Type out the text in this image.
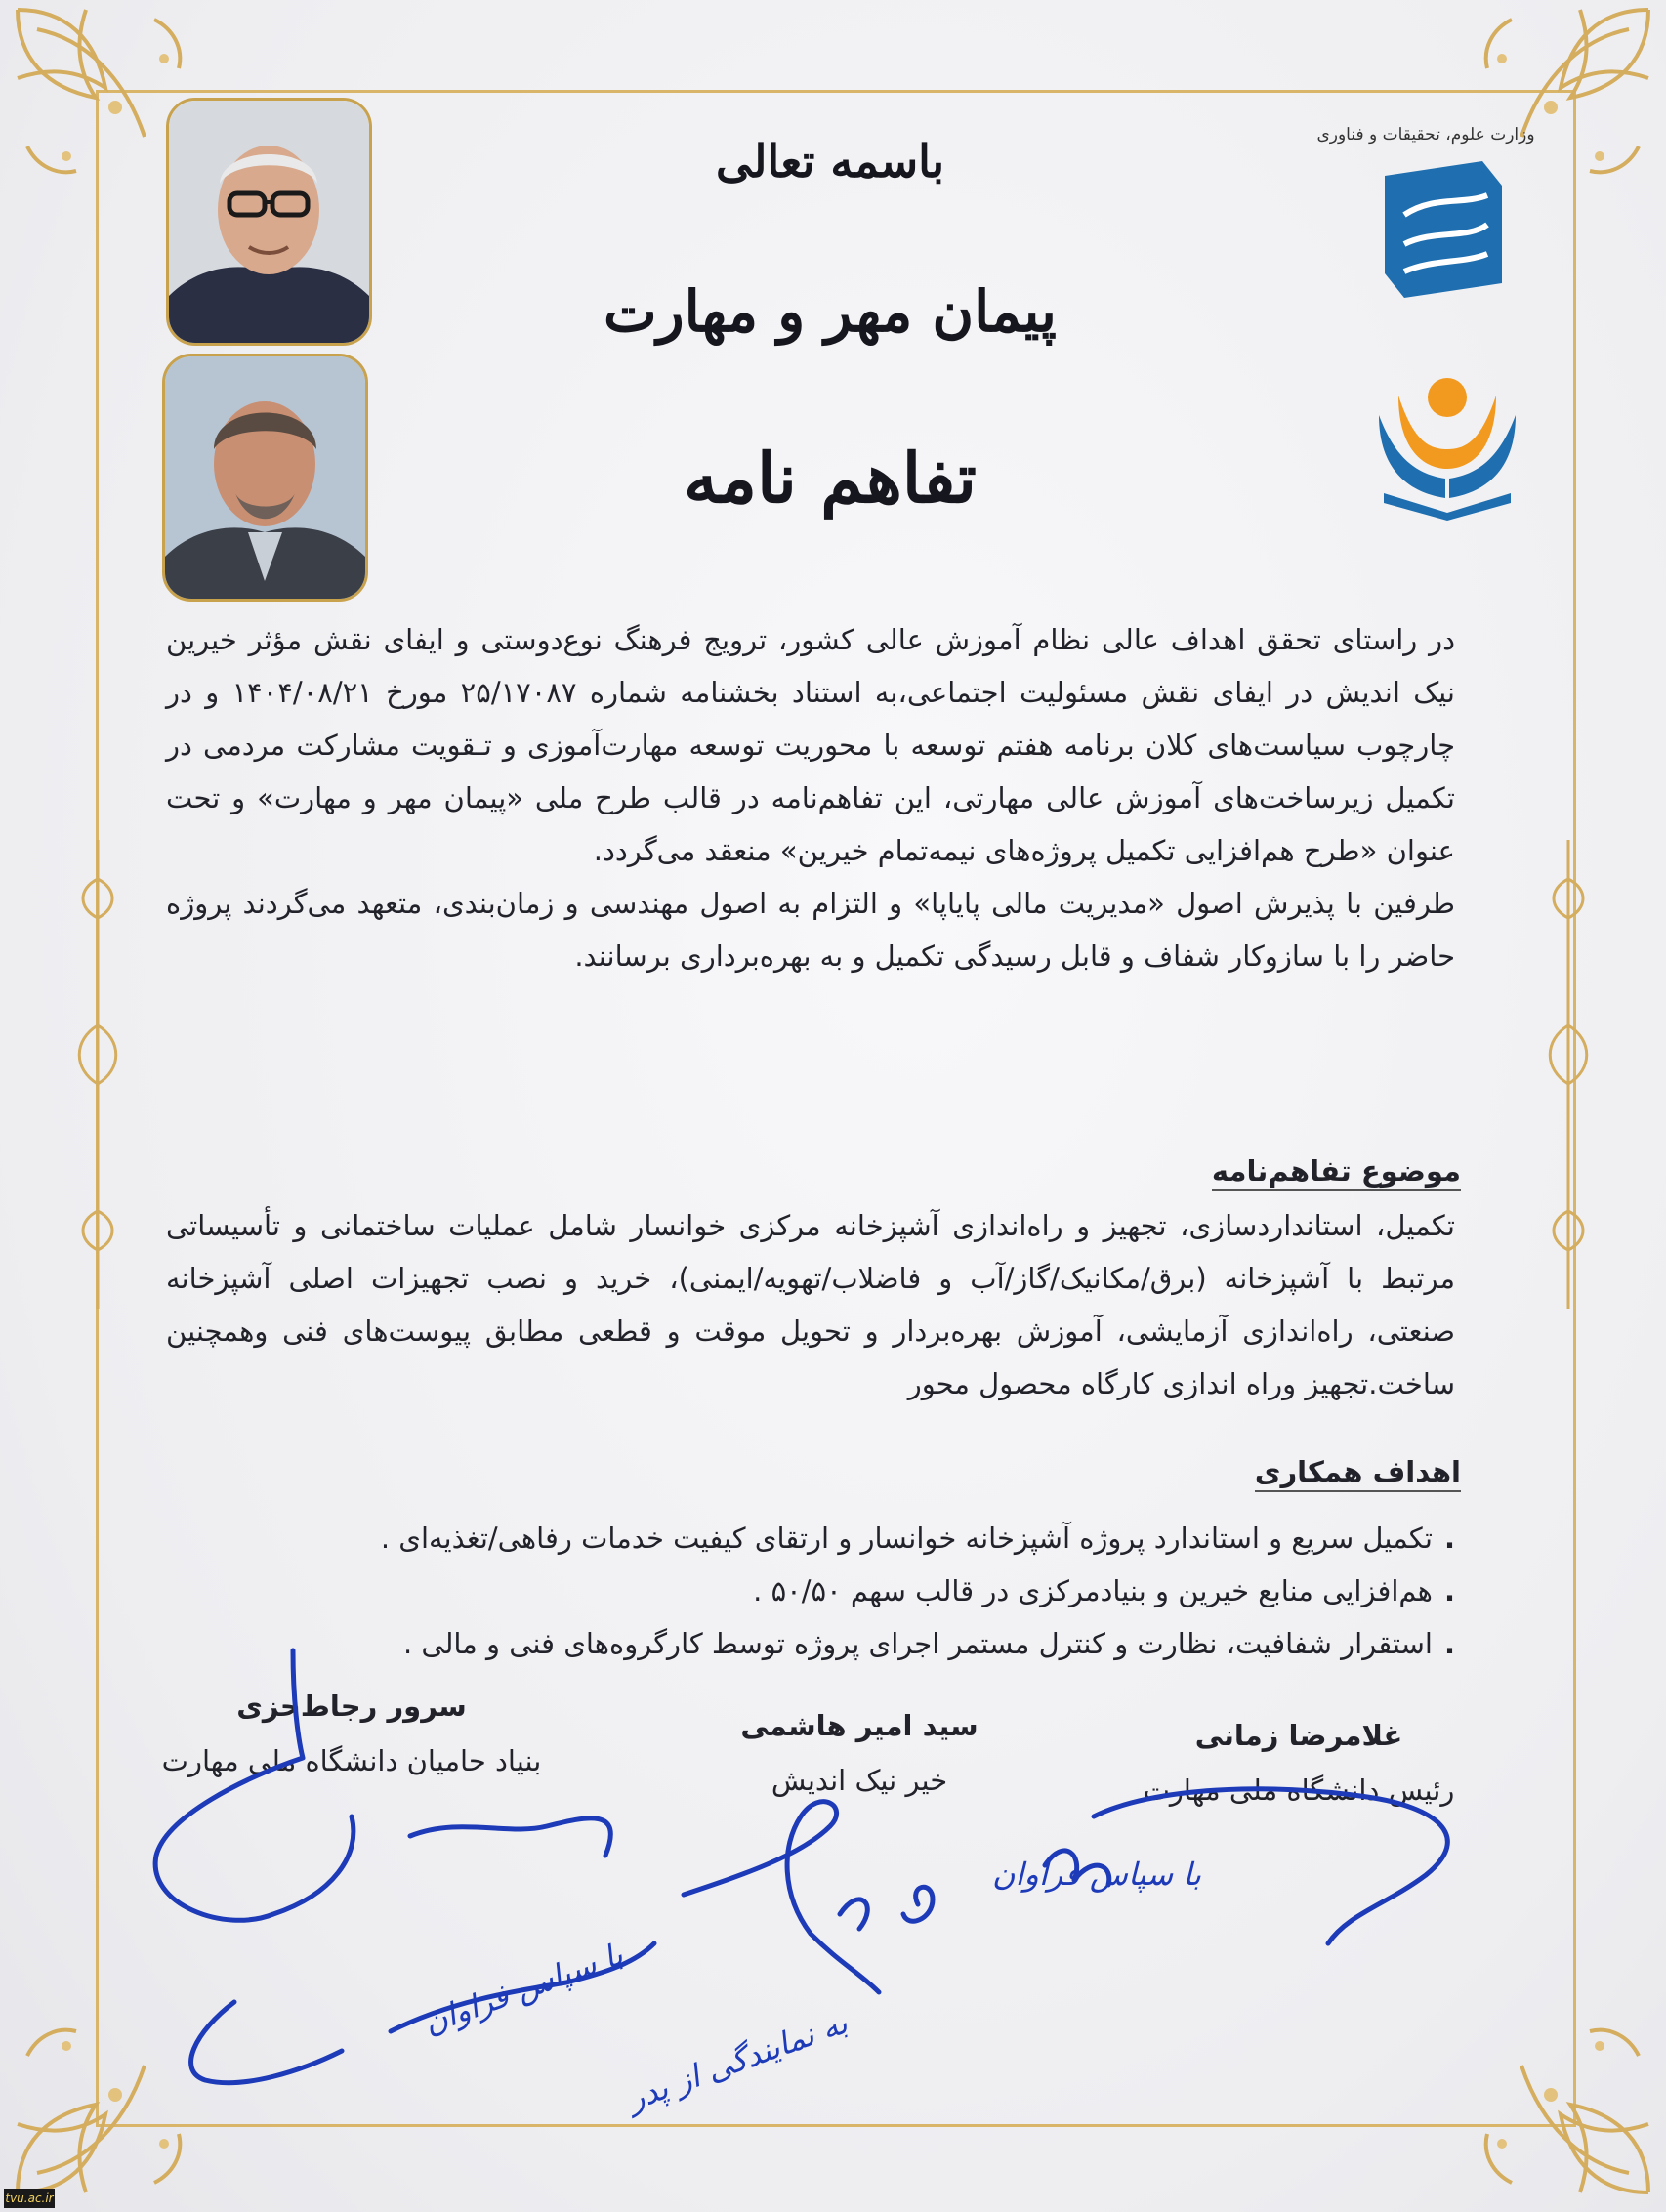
وزارت علوم، تحقیقات و فناوری
باسمه تعالی
پیمان مهر و مهارت
تفاهم نامه
در راستای تحقق اهداف عالی نظام آموزش عالی کشور، ترویج فرهنگ نوع‌دوستی و ایفای نقش مؤثر خیرین نیک اندیش در ایفای نقش مسئولیت اجتماعی،به استناد بخشنامه شماره ۲۵/۱۷۰۸۷ مورخ ۱۴۰۴/۰۸/۲۱ و در چارچوب سیاست‌های کلان برنامه هفتم توسعه با محوریت توسعه مهارت‌آموزی و تـقویت مشارکت مردمی در تکمیل زیرساخت‌های آموزش عالی مهارتی، این تفاهم‌نامه در قالب طرح ملی «پیمان مهر و مهارت» و تحت عنوان «طرح هم‌افزایی تکمیل پروژه‌های نیمه‌تمام خیرین» منعقد می‌گردد.
طرفین با پذیرش اصول «مدیریت مالی پایاپا» و التزام به اصول مهندسی و زمان‌بندی، متعهد می‌گردند پروژه حاضر را با سازوکار شفاف و قابل رسیدگی تکمیل و به بهره‌برداری برسانند.
موضوع تفاهم‌نامه
تکمیل، استانداردسازی، تجهیز و راه‌اندازی آشپزخانه مرکزی خوانسار شامل عملیات ساختمانی و تأسیساتی مرتبط با آشپزخانه (برق/مکانیک/گاز/آب و فاضلاب/تهویه/ایمنی)، خرید و نصب تجهیزات اصلی آشپزخانه صنعتی، راه‌اندازی آزمایشی، آموزش بهره‌بردار و تحویل موقت و قطعی مطابق پیوست‌های فنی وهمچنین ساخت.تجهیز وراه اندازی کارگاه محصول محور
اهداف همکاری
. تکمیل سریع و استاندارد پروژه آشپزخانه خوانسار و ارتقای کیفیت خدمات رفاهی/تغذیه‌ای .
. هم‌افزایی منابع خیرین و بنیادمرکزی در قالب سهم ۵۰/۵۰ .
. استقرار شفافیت، نظارت و کنترل مستمر اجرای پروژه توسط کارگروه‌های فنی و مالی .
غلامرضا زمانی
رئیس دانشگاه ملی مهارت
سید امیر هاشمی
خیر نیک اندیش
سرور رجاط‌حزی
بنیاد حامیان دانشگاه ملی مهارت
با سپاس فراوان
با سپاس فراوان
به نمایندگی از پدر
tvu.ac.ir
